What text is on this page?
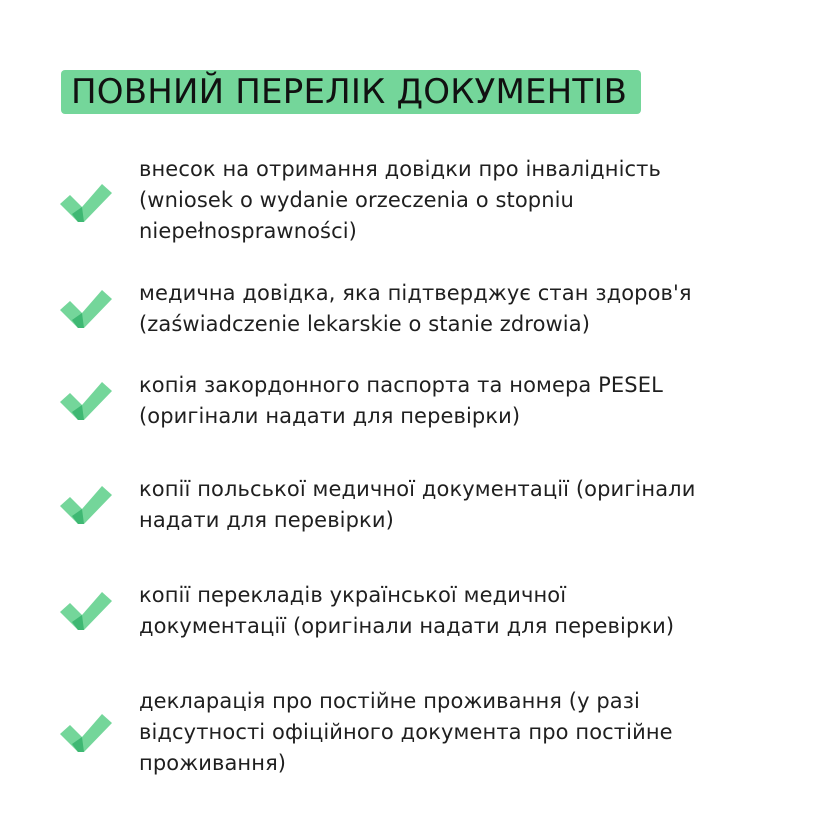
ПОВНИЙ ПЕРЕЛІК ДОКУМЕНТІВ
внесок на отримання довідки про інвалідність
(wniosek o wydanie orzeczenia o stopniu
niepełnosprawności)
медична довідка, яка підтверджує стан здоров'я
(zaświadczenie lekarskie o stanie zdrowia)
копія закордонного паспорта та номера PESEL
(оригінали надати для перевірки)
копії польської медичної документації (оригінали
надати для перевірки)
копії перекладів української медичної
документації (оригінали надати для перевірки)
декларація про постійне проживання (у разі
відсутності офіційного документа про постійне
проживання)
